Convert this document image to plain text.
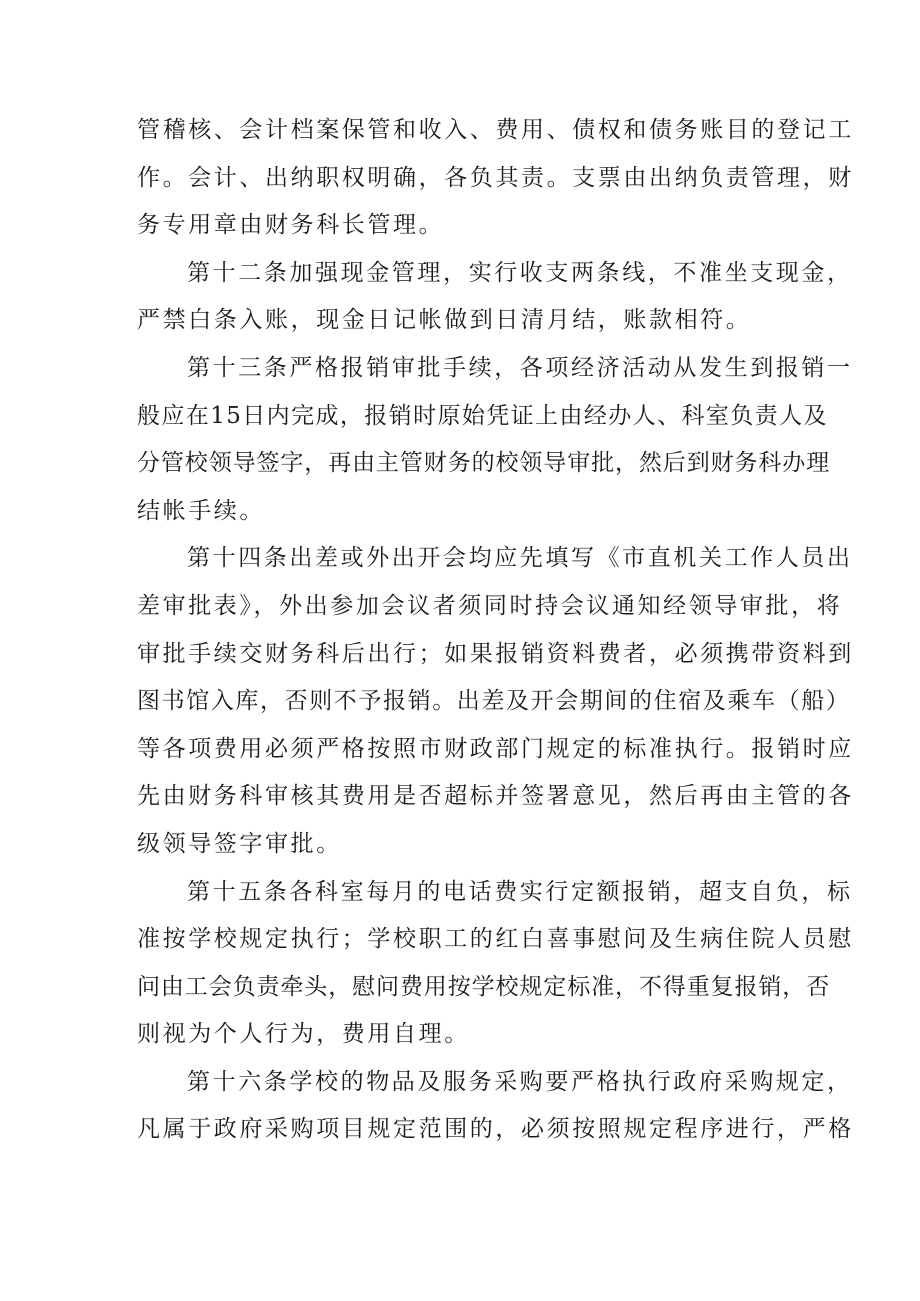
管稽核、会计档案保管和收入、费用、债权和债务账目的登记工
作。会计、出纳职权明确，各负其责。支票由出纳负责管理，财
务专用章由财务科长管理。
第十二条加强现金管理，实行收支两条线，不准坐支现金，
严禁白条入账，现金日记帐做到日清月结，账款相符。
第十三条严格报销审批手续，各项经济活动从发生到报销一
般应在15日内完成，报销时原始凭证上由经办人、科室负责人及
分管校领导签字，再由主管财务的校领导审批，然后到财务科办理
结帐手续。
第十四条出差或外出开会均应先填写《市直机关工作人员出
差审批表》，外出参加会议者须同时持会议通知经领导审批，将
审批手续交财务科后出行；如果报销资料费者，必须携带资料到
图书馆入库，否则不予报销。出差及开会期间的住宿及乘车（船）
等各项费用必须严格按照市财政部门规定的标准执行。报销时应
先由财务科审核其费用是否超标并签署意见，然后再由主管的各
级领导签字审批。
第十五条各科室每月的电话费实行定额报销，超支自负，标
准按学校规定执行；学校职工的红白喜事慰问及生病住院人员慰
问由工会负责牵头，慰问费用按学校规定标准，不得重复报销，否
则视为个人行为，费用自理。
第十六条学校的物品及服务采购要严格执行政府采购规定，
凡属于政府采购项目规定范围的，必须按照规定程序进行，严格
